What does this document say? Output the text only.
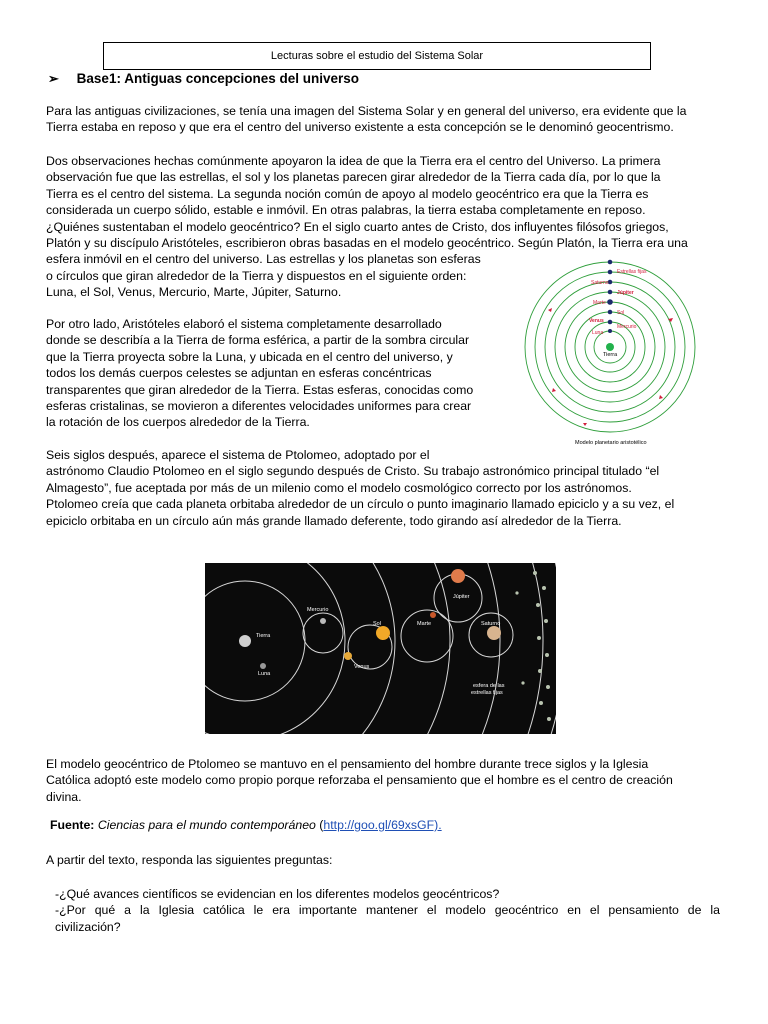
Lecturas sobre el estudio del Sistema Solar
➢ Base1: Antiguas concepciones del universo

Para las antiguas civilizaciones, se tenía una imagen del Sistema Solar y en general del universo, era evidente que la

Tierra estaba en reposo y que era el centro del universo existente a esta concepción se le denominó geocentrismo.

Dos observaciones hechas comúnmente apoyaron la idea de que la Tierra era el centro del Universo. La primera

observación fue que las estrellas, el sol y los planetas parecen girar alrededor de la Tierra cada día, por lo que la

Tierra es el centro del sistema. La segunda noción común de apoyo al modelo geocéntrico era que la Tierra es

considerada un cuerpo sólido, estable e inmóvil. En otras palabras, la tierra estaba completamente en reposo.

¿Quiénes sustentaban el modelo geocéntrico? En el siglo cuarto antes de Cristo, dos influyentes filósofos griegos,

Platón y su discípulo Aristóteles, escribieron obras basadas en el modelo geocéntrico. Según Platón, la Tierra era una

esfera inmóvil en el centro del universo. Las estrellas y los planetas son esferas

o círculos que giran alrededor de la Tierra y dispuestos en el siguiente orden:

Luna, el Sol, Venus, Mercurio, Marte, Júpiter, Saturno.

Por otro lado, Aristóteles elaboró el sistema completamente desarrollado

donde se describía a la Tierra de forma esférica, a partir de la sombra circular

que la Tierra proyecta sobre la Luna, y ubicada en el centro del universo, y

todos los demás cuerpos celestes se adjuntan en esferas concéntricas

transparentes que giran alrededor de la Tierra. Estas esferas, conocidas como

esferas cristalinas, se movieron a diferentes velocidades uniformes para crear

la rotación de los cuerpos alrededor de la Tierra.

Seis siglos después, aparece el sistema de Ptolomeo, adoptado por el

astrónomo Claudio Ptolomeo en el siglo segundo después de Cristo. Su trabajo astronómico principal titulado “el

Almagesto”, fue aceptada por más de un milenio como el modelo cosmológico correcto por los astrónomos.

Ptolomeo creía que cada planeta orbitaba alrededor de un círculo o punto imaginario llamado epiciclo y a su vez, el

epiciclo orbitaba en un círculo aún más grande llamado deferente, todo girando así alrededor de la Tierra.

Estrellas fijas
Saturno
Júpiter
Marte
Sol
Venus
Mercurio
Luna
Tierra
Modelo planetario aristotélico
Tierra
Luna
Mercurio
Venus
Sol	Marte
Júpiter
Saturno
esfera de las
estrellas fijas

El modelo geocéntrico de Ptolomeo se mantuvo en el pensamiento del hombre durante trece siglos y la Iglesia

Católica adoptó este modelo como propio porque reforzaba el pensamiento que el hombre es el centro de creación

divina.

Fuente: Ciencias para el mundo contemporáneo (http://goo.gl/69xsGF).
A partir del texto, responda las siguientes preguntas:
-¿Qué avances científicos se evidencian en los diferentes modelos geocéntricos?
-¿Por qué a la Iglesia católica le era importante mantener el modelo geocéntrico en el pensamiento de la
civilización?
